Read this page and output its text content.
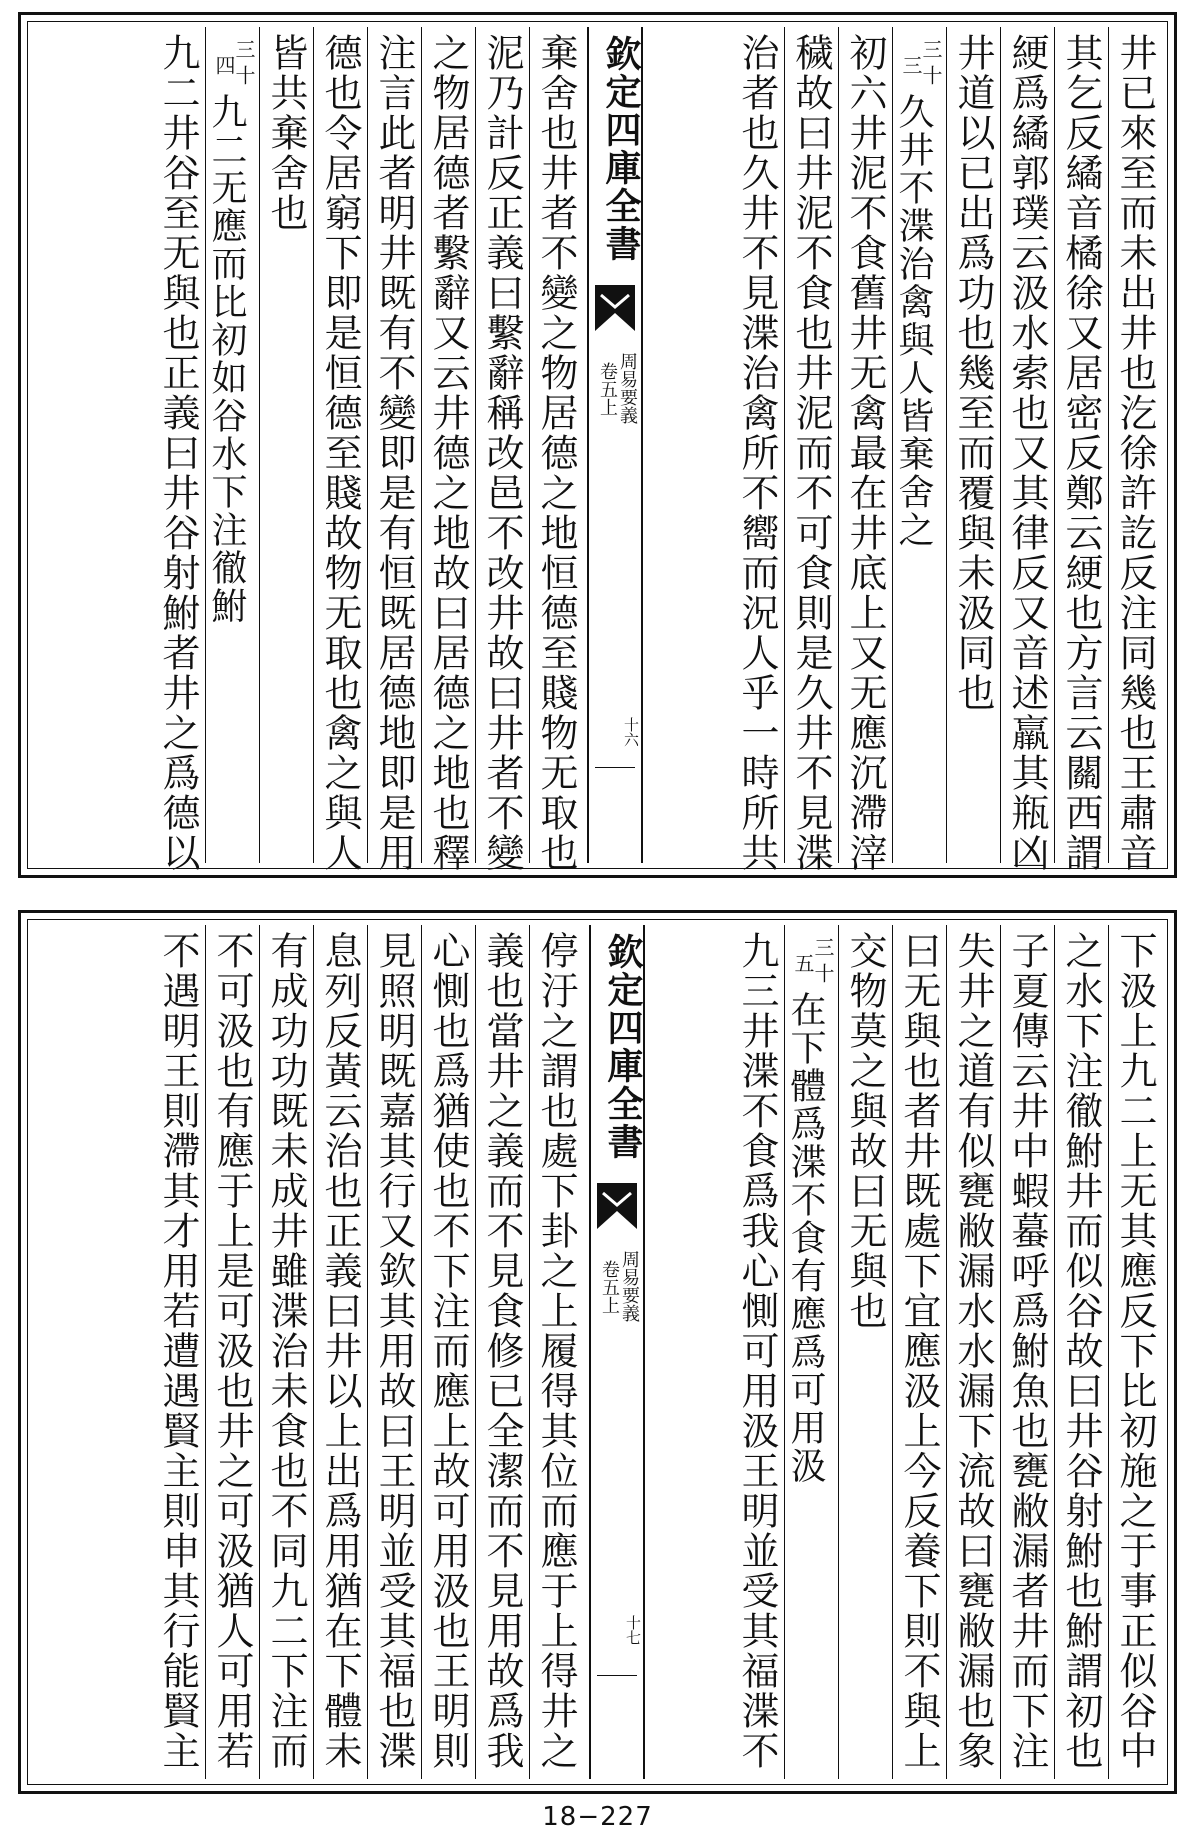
井已來至而未出井也汔徐許訖反注同幾也王肅音
其乞反繘音橘徐又居密反鄭云綆也方言云關西謂
綆爲繘郭璞云汲水索也又其律反又音述羸其瓶凶
井道以已出爲功也幾至而覆與未汲同也
三十
三
久井不渫治禽與人皆棄舍之
初六井泥不食舊井无禽最在井底上又无應沉滯滓
穢故曰井泥不食也井泥而不可食則是久井不見渫
治者也久井不見渫治禽所不嚮而況人乎一時所共
欽定四庫全書
周易要義
卷五上
十六
棄舍也井者不變之物居德之地恒德至賤物无取也
泥乃計反正義曰繫辭稱改邑不改井故曰井者不變
之物居德者繫辭又云井德之地故曰居德之地也釋
注言此者明井既有不變即是有恒既居德地即是用
德也令居窮下即是恒德至賤故物无取也禽之與人
皆共棄舍也
三十
四
九二无應而比初如谷水下注徹鮒
九二井谷至无與也正義曰井谷射鮒者井之爲德以
下汲上九二上无其應反下比初施之于事正似谷中
之水下注徹鮒井而似谷故曰井谷射鮒也鮒謂初也
子夏傳云井中蝦蟇呼爲鮒魚也甕敝漏者井而下注
失井之道有似甕敝漏水水漏下流故曰甕敝漏也象
曰无與也者井既處下宜應汲上今反養下則不與上
交物莫之與故曰无與也
三十
五
在下體爲渫不食有應爲可用汲
九三井渫不食爲我心惻可用汲王明並受其福渫不
欽定四庫全書
周易要義
卷五上
十七
停汙之謂也處下卦之上履得其位而應于上得井之
義也當井之義而不見食修已全潔而不見用故爲我
心惻也爲猶使也不下注而應上故可用汲也王明則
見照明既嘉其行又欽其用故曰王明並受其福也渫
息列反黃云治也正義曰井以上出爲用猶在下體未
有成功功既未成井雖渫治未食也不同九二下注而
不可汲也有應于上是可汲也井之可汲猶人可用若
不遇明王則滯其才用若遭遇賢主則申其行能賢主
18−227
